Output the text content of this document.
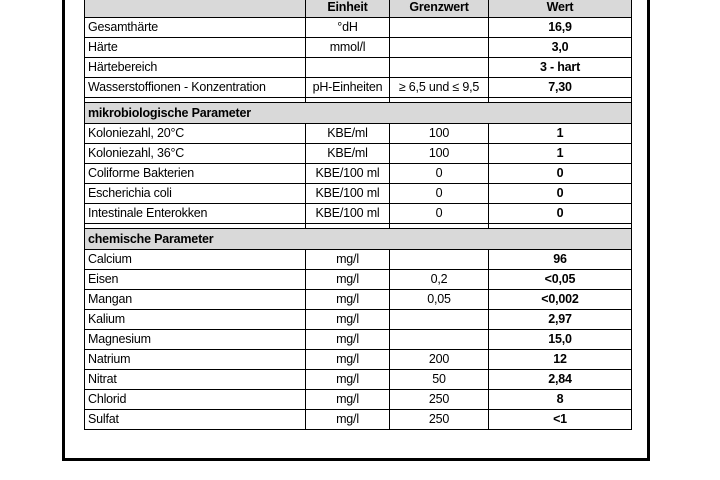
	Einheit	Grenzwert	Wert
Gesamthärte	°dH		16,9
Härte	mmol/l		3,0
Härtebereich			3 - hart
Wasserstoffionen - Konzentration	pH-Einheiten	≥ 6,5 und ≤ 9,5	7,30

mikrobiologische Parameter			
Koloniezahl, 20°C	KBE/ml	100	1
Koloniezahl, 36°C	KBE/ml	100	1
Coliforme Bakterien	KBE/100 ml	0	0
Escherichia coli	KBE/100 ml	0	0
Intestinale Enterokken	KBE/100 ml	0	0

chemische Parameter			
Calcium	mg/l		96
Eisen	mg/l	0,2	<0,05
Mangan	mg/l	0,05	<0,002
Kalium	mg/l		2,97
Magnesium	mg/l		15,0
Natrium	mg/l	200	12
Nitrat	mg/l	50	2,84
Chlorid	mg/l	250	8
Sulfat	mg/l	250	<1
